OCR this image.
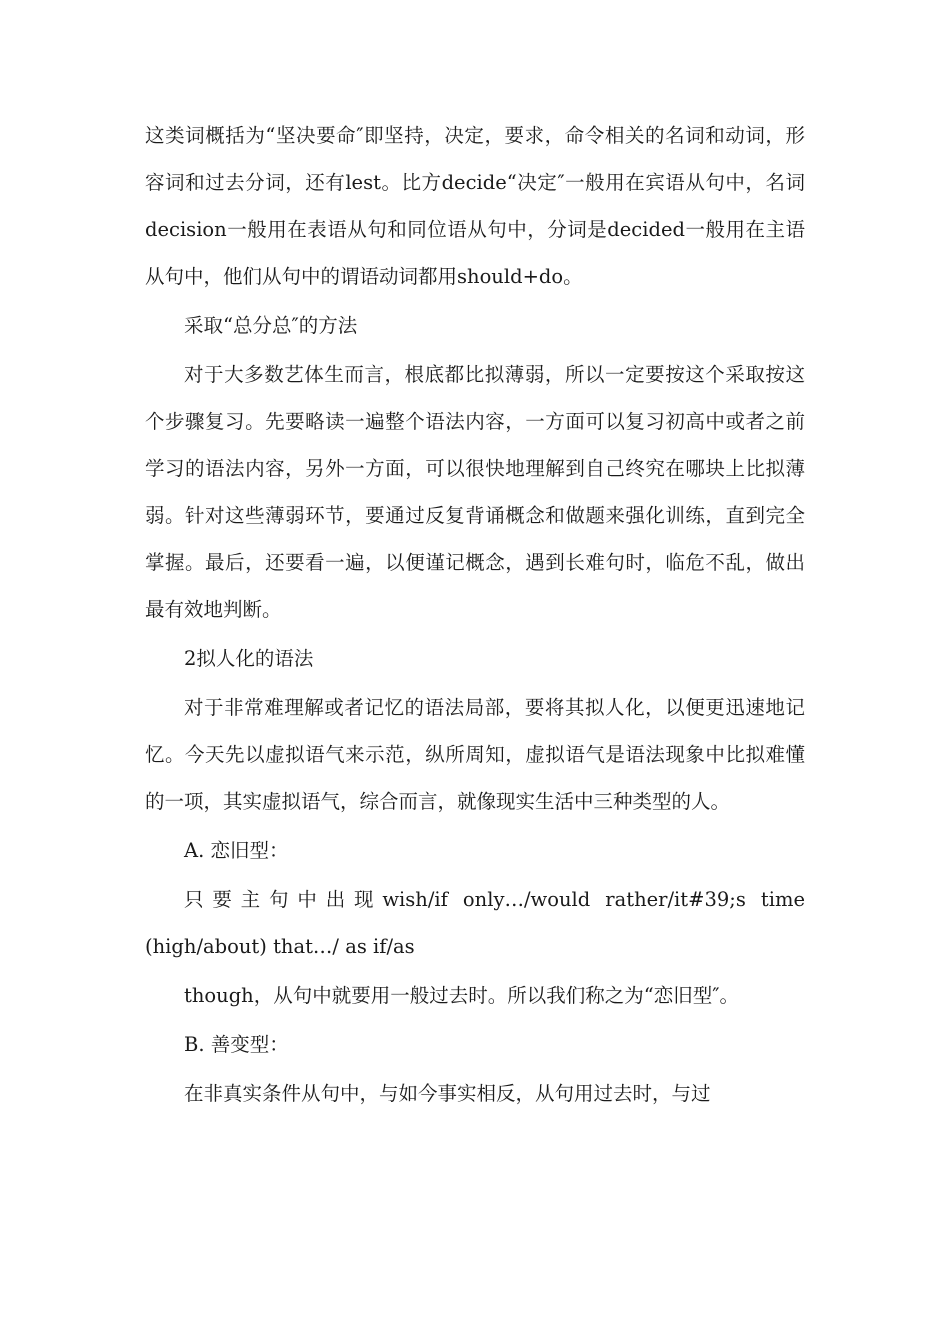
这类词概括为“坚决要命″即坚持，决定，要求，命令相关的名词和动词，形容词和过去分词，还有lest。比方decide“决定″一般用在宾语从句中，名词decision一般用在表语从句和同位语从句中，分词是decided一般用在主语从句中，他们从句中的谓语动词都用should+do。

采取“总分总″的方法

对于大多数艺体生而言，根底都比拟薄弱，所以一定要按这个采取按这个步骤复习。先要略读一遍整个语法内容，一方面可以复习初高中或者之前学习的语法内容，另外一方面，可以很快地理解到自己终究在哪块上比拟薄弱。针对这些薄弱环节，要通过反复背诵概念和做题来强化训练，直到完全掌握。最后，还要看一遍，以便谨记概念，遇到长难句时，临危不乱，做出最有效地判断。

2拟人化的语法

对于非常难理解或者记忆的语法局部，要将其拟人化，以便更迅速地记忆。今天先以虚拟语气来示范，纵所周知，虚拟语气是语法现象中比拟难懂的一项，其实虚拟语气，综合而言，就像现实生活中三种类型的人。

A. 恋旧型：

只要主句中出现wish/if only…/would rather/it#39;s time (high/about) that…/ as if/as

though，从句中就要用一般过去时。所以我们称之为“恋旧型″。

B. 善变型：

在非真实条件从句中，与如今事实相反，从句用过去时，与过
